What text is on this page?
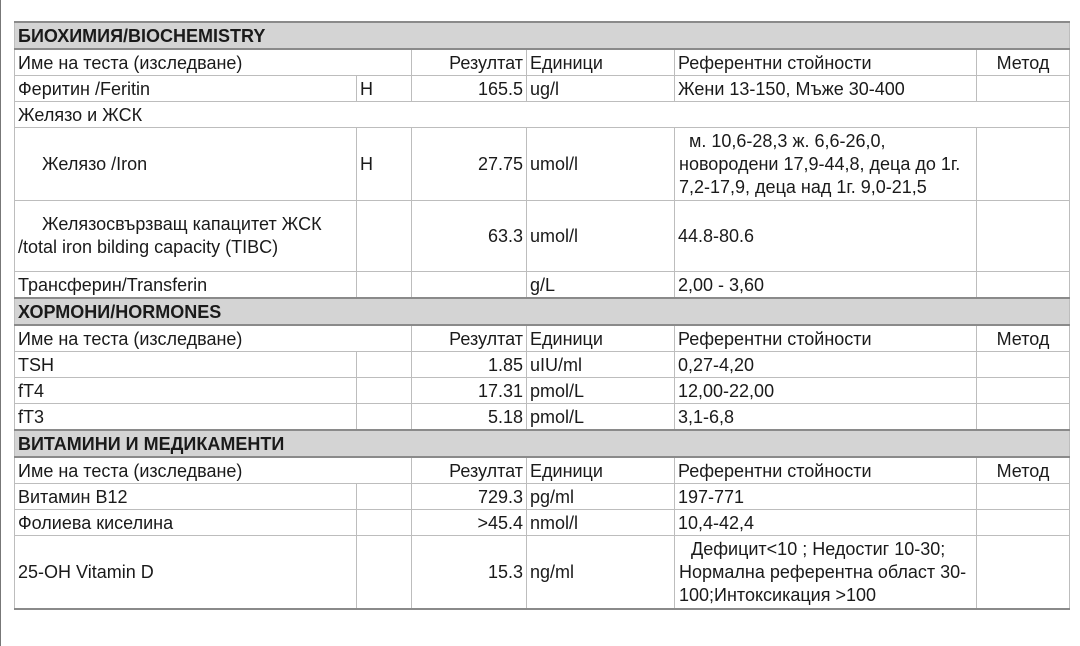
БИОХИМИЯ/BIOCHEMISTRY					
Име на теста (изследване)		Резултат	Единици	Референтни стойности	Метод
Феритин /Feritin	H	165.5	ug/l	Жени 13-150, Мъже 30-400	
Желязо и ЖСК					
Желязо /Iron	H	27.75	umol/l	м. 10,6-28,3 ж. 6,6-26,0, новородени 17,9-44,8, деца до 1г. 7,2-17,9, деца над 1г. 9,0-21,5	
Желязосвързващ капацитет ЖСК /total iron bilding capacity (TIBC)		63.3	umol/l	44.8-80.6	
Трансферин/Transferin			g/L	2,00 - 3,60	
ХОРМОНИ/HORMONES					
Име на теста (изследване)		Резултат	Единици	Референтни стойности	Метод
TSH		1.85	uIU/ml	0,27-4,20	
fT4		17.31	pmol/L	12,00-22,00	
fT3		5.18	pmol/L	3,1-6,8	
ВИТАМИНИ И МЕДИКАМЕНТИ					
Име на теста (изследване)		Резултат	Единици	Референтни стойности	Метод
Витамин B12		729.3	pg/ml	197-771	
Фолиева киселина		>45.4	nmol/l	10,4-42,4	
25-OH Vitamin D		15.3	ng/ml	Дефицит<10 ; Недостиг 10-30; Нормална референтна област 30-100;Интоксикация >100	
